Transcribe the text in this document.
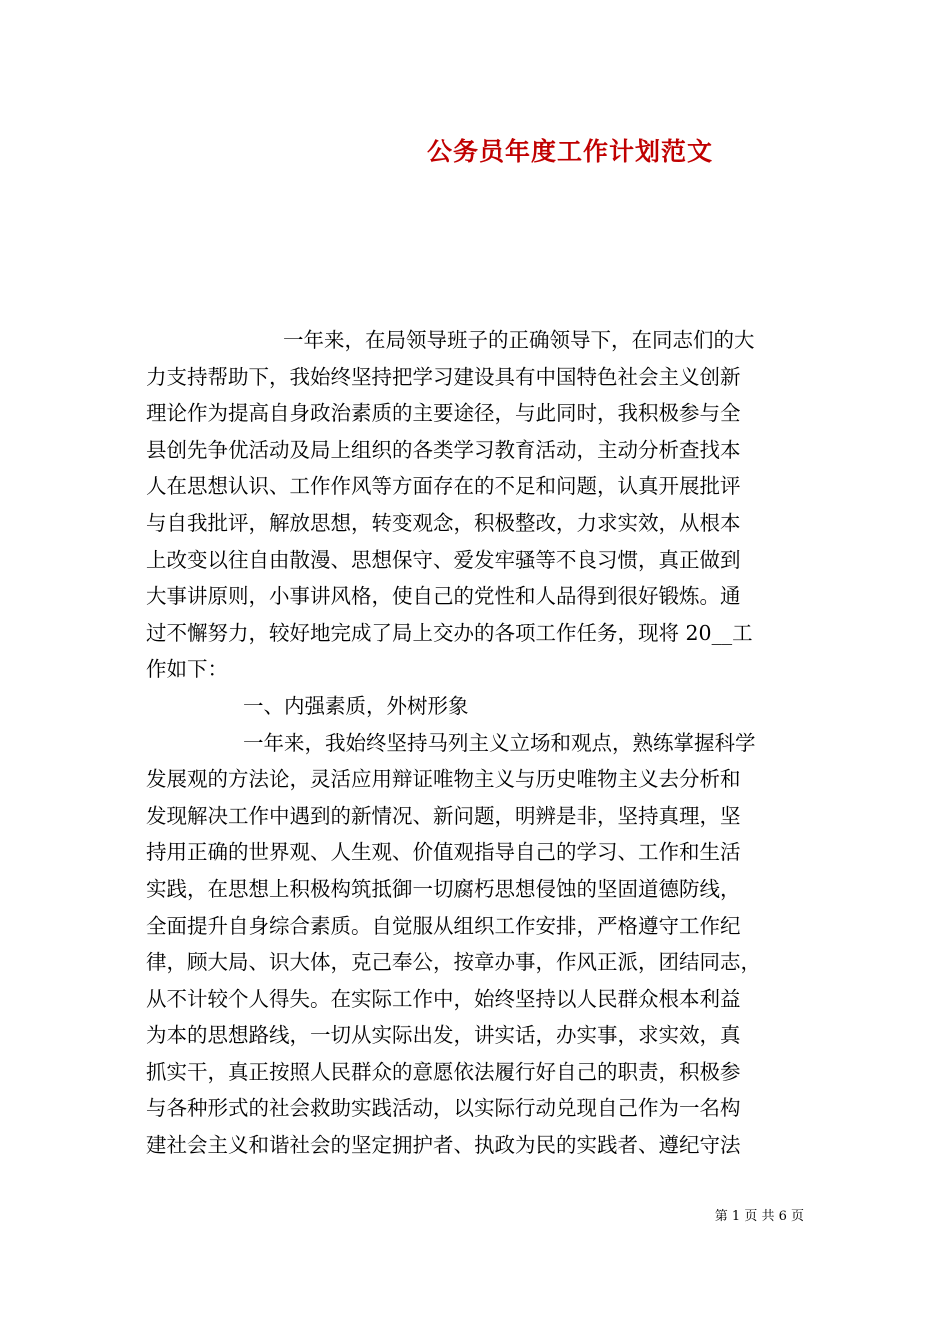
公务员年度工作计划范文
一年来，在局领导班子的正确领导下，在同志们的大
力支持帮助下，我始终坚持把学习建设具有中国特色社会主义创新
理论作为提高自身政治素质的主要途径，与此同时，我积极参与全
县创先争优活动及局上组织的各类学习教育活动，主动分析查找本
人在思想认识、工作作风等方面存在的不足和问题，认真开展批评
与自我批评，解放思想，转变观念，积极整改，力求实效，从根本
上改变以往自由散漫、思想保守、爱发牢骚等不良习惯，真正做到
大事讲原则，小事讲风格，使自己的党性和人品得到很好锻炼。通
过不懈努力，较好地完成了局上交办的各项工作任务，现将 20__工
作如下：
一、内强素质，外树形象
一年来，我始终坚持马列主义立场和观点，熟练掌握科学
发展观的方法论，灵活应用辩证唯物主义与历史唯物主义去分析和
发现解决工作中遇到的新情况、新问题，明辨是非，坚持真理，坚
持用正确的世界观、人生观、价值观指导自己的学习、工作和生活
实践，在思想上积极构筑抵御一切腐朽思想侵蚀的坚固道德防线，
全面提升自身综合素质。自觉服从组织工作安排，严格遵守工作纪
律，顾大局、识大体，克己奉公，按章办事，作风正派，团结同志，
从不计较个人得失。在实际工作中，始终坚持以人民群众根本利益
为本的思想路线，一切从实际出发，讲实话，办实事，求实效，真
抓实干，真正按照人民群众的意愿依法履行好自己的职责，积极参
与各种形式的社会救助实践活动，以实际行动兑现自己作为一名构
建社会主义和谐社会的坚定拥护者、执政为民的实践者、遵纪守法
第 1 页 共 6 页
